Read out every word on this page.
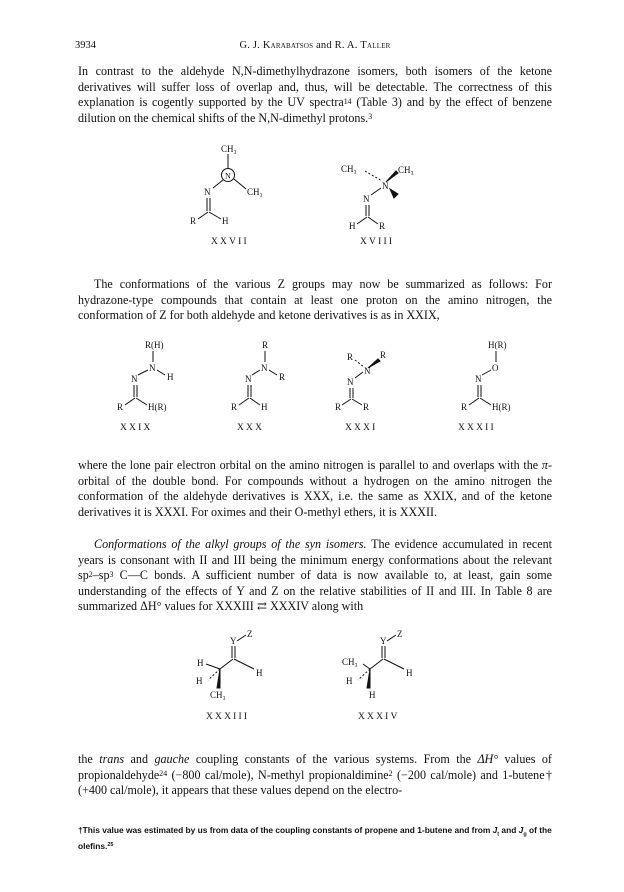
3934	G. J. Karabatsos and R. A. Taller

In contrast to the aldehyde N,N-dimethylhydrazone isomers, both isomers of the ketone derivatives will suffer loss of overlap and, thus, will be detectable. The correctness of this explanation is cogently supported by the UV spectra$^{14}$ (Table 3) and by the effect of benzene dilution on the chemical shifts of the N,N-dimethyl protons.$^3$

CH₃
N
CH₃
N
R	H
XXVII
CH₃	CH₃
N
N
H	R
XVIII

The conformations of the various Z groups may now be summarized as follows: For hydrazone-type compounds that contain at least one proton on the amino nitrogen, the conformation of Z for both aldehyde and ketone derivatives is as in XXIX,

R(H)
N
H
N
R	H(R)
XXIX
R
N
R
N
R	H
XXX
R	R
N
N
R R
XXXI
H(R)
O
N
R	H(R)
XXXII

where the lone pair electron orbital on the amino nitrogen is parallel to and overlaps with the π-orbital of the double bond. For compounds without a hydrogen on the amino nitrogen the conformation of the aldehyde derivatives is XXX, i.e. the same as XXIX, and of the ketone derivatives it is XXXI. For oximes and their O-methyl ethers, it is XXXII.

Conformations of the alkyl groups of the syn isomers. The evidence accumulated in recent years is consonant with II and III being the minimum energy conformations about the relevant $sp^2-sp^3$ C—C bonds. A sufficient number of data is now available to, at least, gain some understanding of the effects of Y and Z on the relative stabilities of II and III. In Table 8 are summarized ΔH° values for XXXIII ⇄ XXXIV along with

Y
Z
H
H
H
CH₃
XXXIII
Y
Z
H
CH₃
H
H
XXXIV

the trans and gauche coupling constants of the various systems. From the ΔH° values of propionaldehyde$^{24}$ (−800 cal/mole), N-methyl propionaldimine$^2$ (−200 cal/mole) and 1-butene† (+400 cal/mole), it appears that these values depend on the electro-

†This value was estimated by us from data of the coupling constants of propene and 1-butene and from $J_t$ and $J_g$ of the olefins.$^{25}$
